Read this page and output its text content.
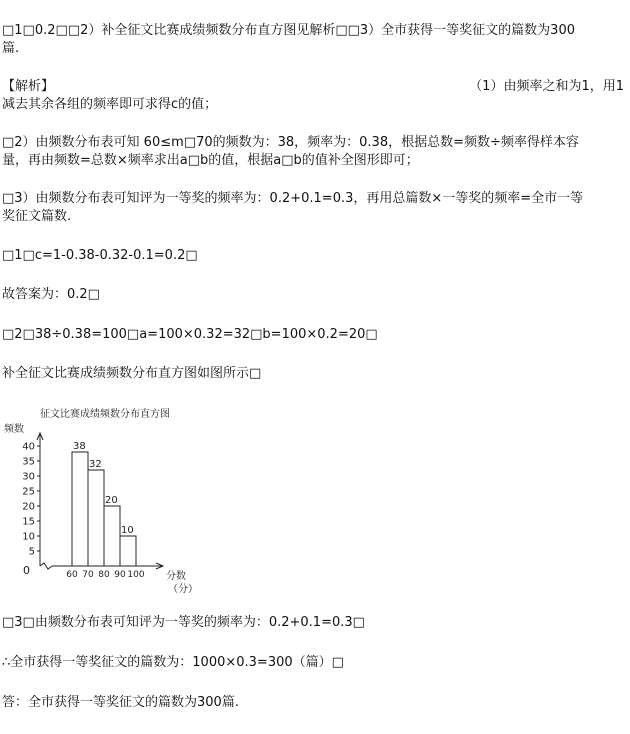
□1□0.2□□2）补全征文比赛成绩频数分布直方图见解析□□3）全市获得一等奖征文的篇数为300
篇.
【解析】	（1）由频率之和为1，用1
减去其余各组的频率即可求得c的值；
□2）由频数分布表可知 60≤m□70的频数为：38，频率为：0.38，根据总数=频数÷频率得样本容
量，再由频数=总数×频率求出a□b的值，根据a□b的值补全图形即可；
□3）由频数分布表可知评为一等奖的频率为：0.2+0.1=0.3，再用总篇数×一等奖的频率=全市一等
奖征文篇数.
□1□c=1-0.38-0.32-0.1=0.2□
故答案为：0.2□
□2□38÷0.38=100□a=100×0.32=32□b=100×0.2=20□
补全征文比赛成绩频数分布直方图如图所示□
征文比赛成绩频数分布直方图
频数
分数
（分）
0
5
10
15
20
25
30
35
40
60 70 80 90 100
38
32
20
10
□3□由频数分布表可知评为一等奖的频率为：0.2+0.1=0.3□
∴全市获得一等奖征文的篇数为：1000×0.3=300（篇）□
答：全市获得一等奖征文的篇数为300篇.
